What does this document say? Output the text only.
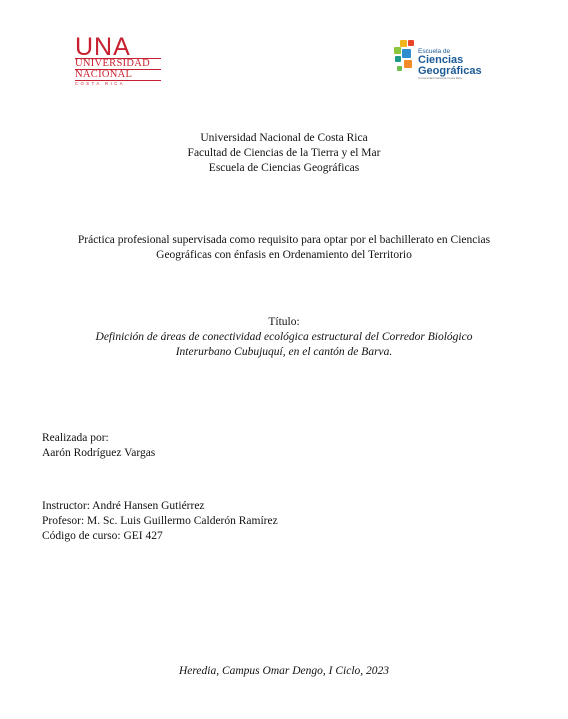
UNA
UNIVERSIDAD
NACIONAL
COSTA RICA
Escuela de
Ciencias
Geográficas
Universidad Nacional Costa Rica
Universidad Nacional de Costa Rica
Facultad de Ciencias de la Tierra y el Mar
Escuela de Ciencias Geográficas
Práctica profesional supervisada como requisito para optar por el bachillerato en Ciencias
Geográficas con énfasis en Ordenamiento del Territorio
Título:
Definición de áreas de conectividad ecológica estructural del Corredor Biológico
Interurbano Cubujuquí, en el cantón de Barva.
Realizada por:
Aarón Rodríguez Vargas
Instructor: André Hansen Gutiérrez
Profesor: M. Sc. Luis Guillermo Calderón Ramírez
Código de curso: GEI 427
Heredia, Campus Omar Dengo, I Ciclo, 2023
